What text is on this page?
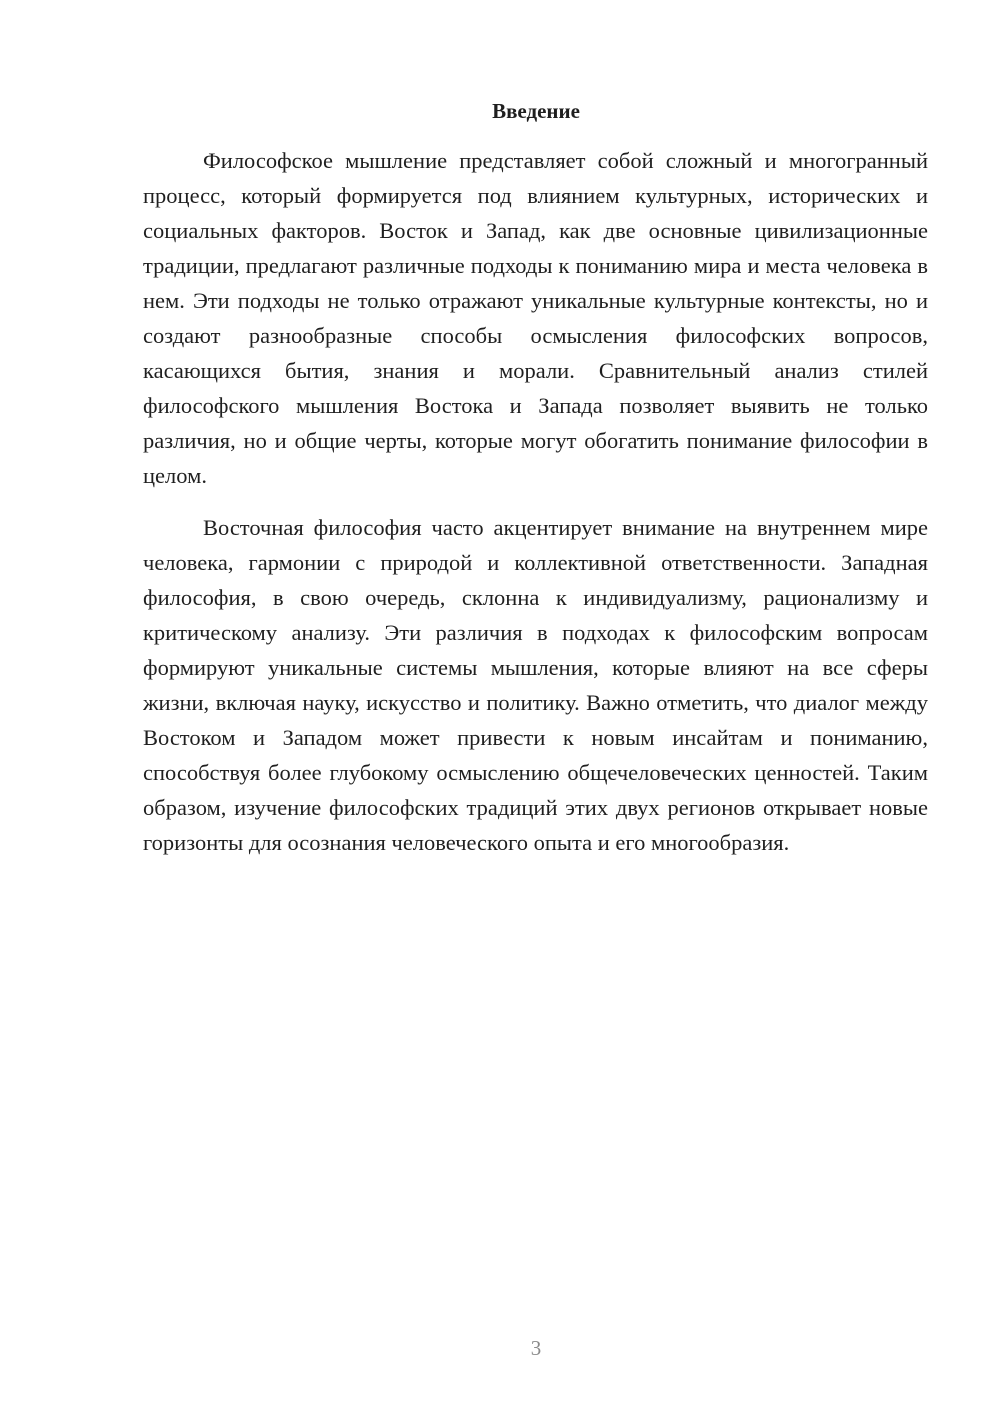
Введение

Философское мышление представляет собой сложный и многогранный процесс, который формируется под влиянием культурных, исторических и социальных факторов. Восток и Запад, как две основные цивилизационные традиции, предлагают различные подходы к пониманию мира и места человека в нем. Эти подходы не только отражают уникальные культурные контексты, но и создают разнообразные способы осмысления философских вопросов, касающихся бытия, знания и морали. Сравнительный анализ стилей философского мышления Востока и Запада позволяет выявить не только различия, но и общие черты, которые могут обогатить понимание философии в целом.

Восточная философия часто акцентирует внимание на внутреннем мире человека, гармонии с природой и коллективной ответственности. Западная философия, в свою очередь, склонна к индивидуализму, рационализму и критическому анализу. Эти различия в подходах к философским вопросам формируют уникальные системы мышления, которые влияют на все сферы жизни, включая науку, искусство и политику. Важно отметить, что диалог между Востоком и Западом может привести к новым инсайтам и пониманию, способствуя более глубокому осмыслению общечеловеческих ценностей. Таким образом, изучение философских традиций этих двух регионов открывает новые горизонты для осознания человеческого опыта и его многообразия.

3
